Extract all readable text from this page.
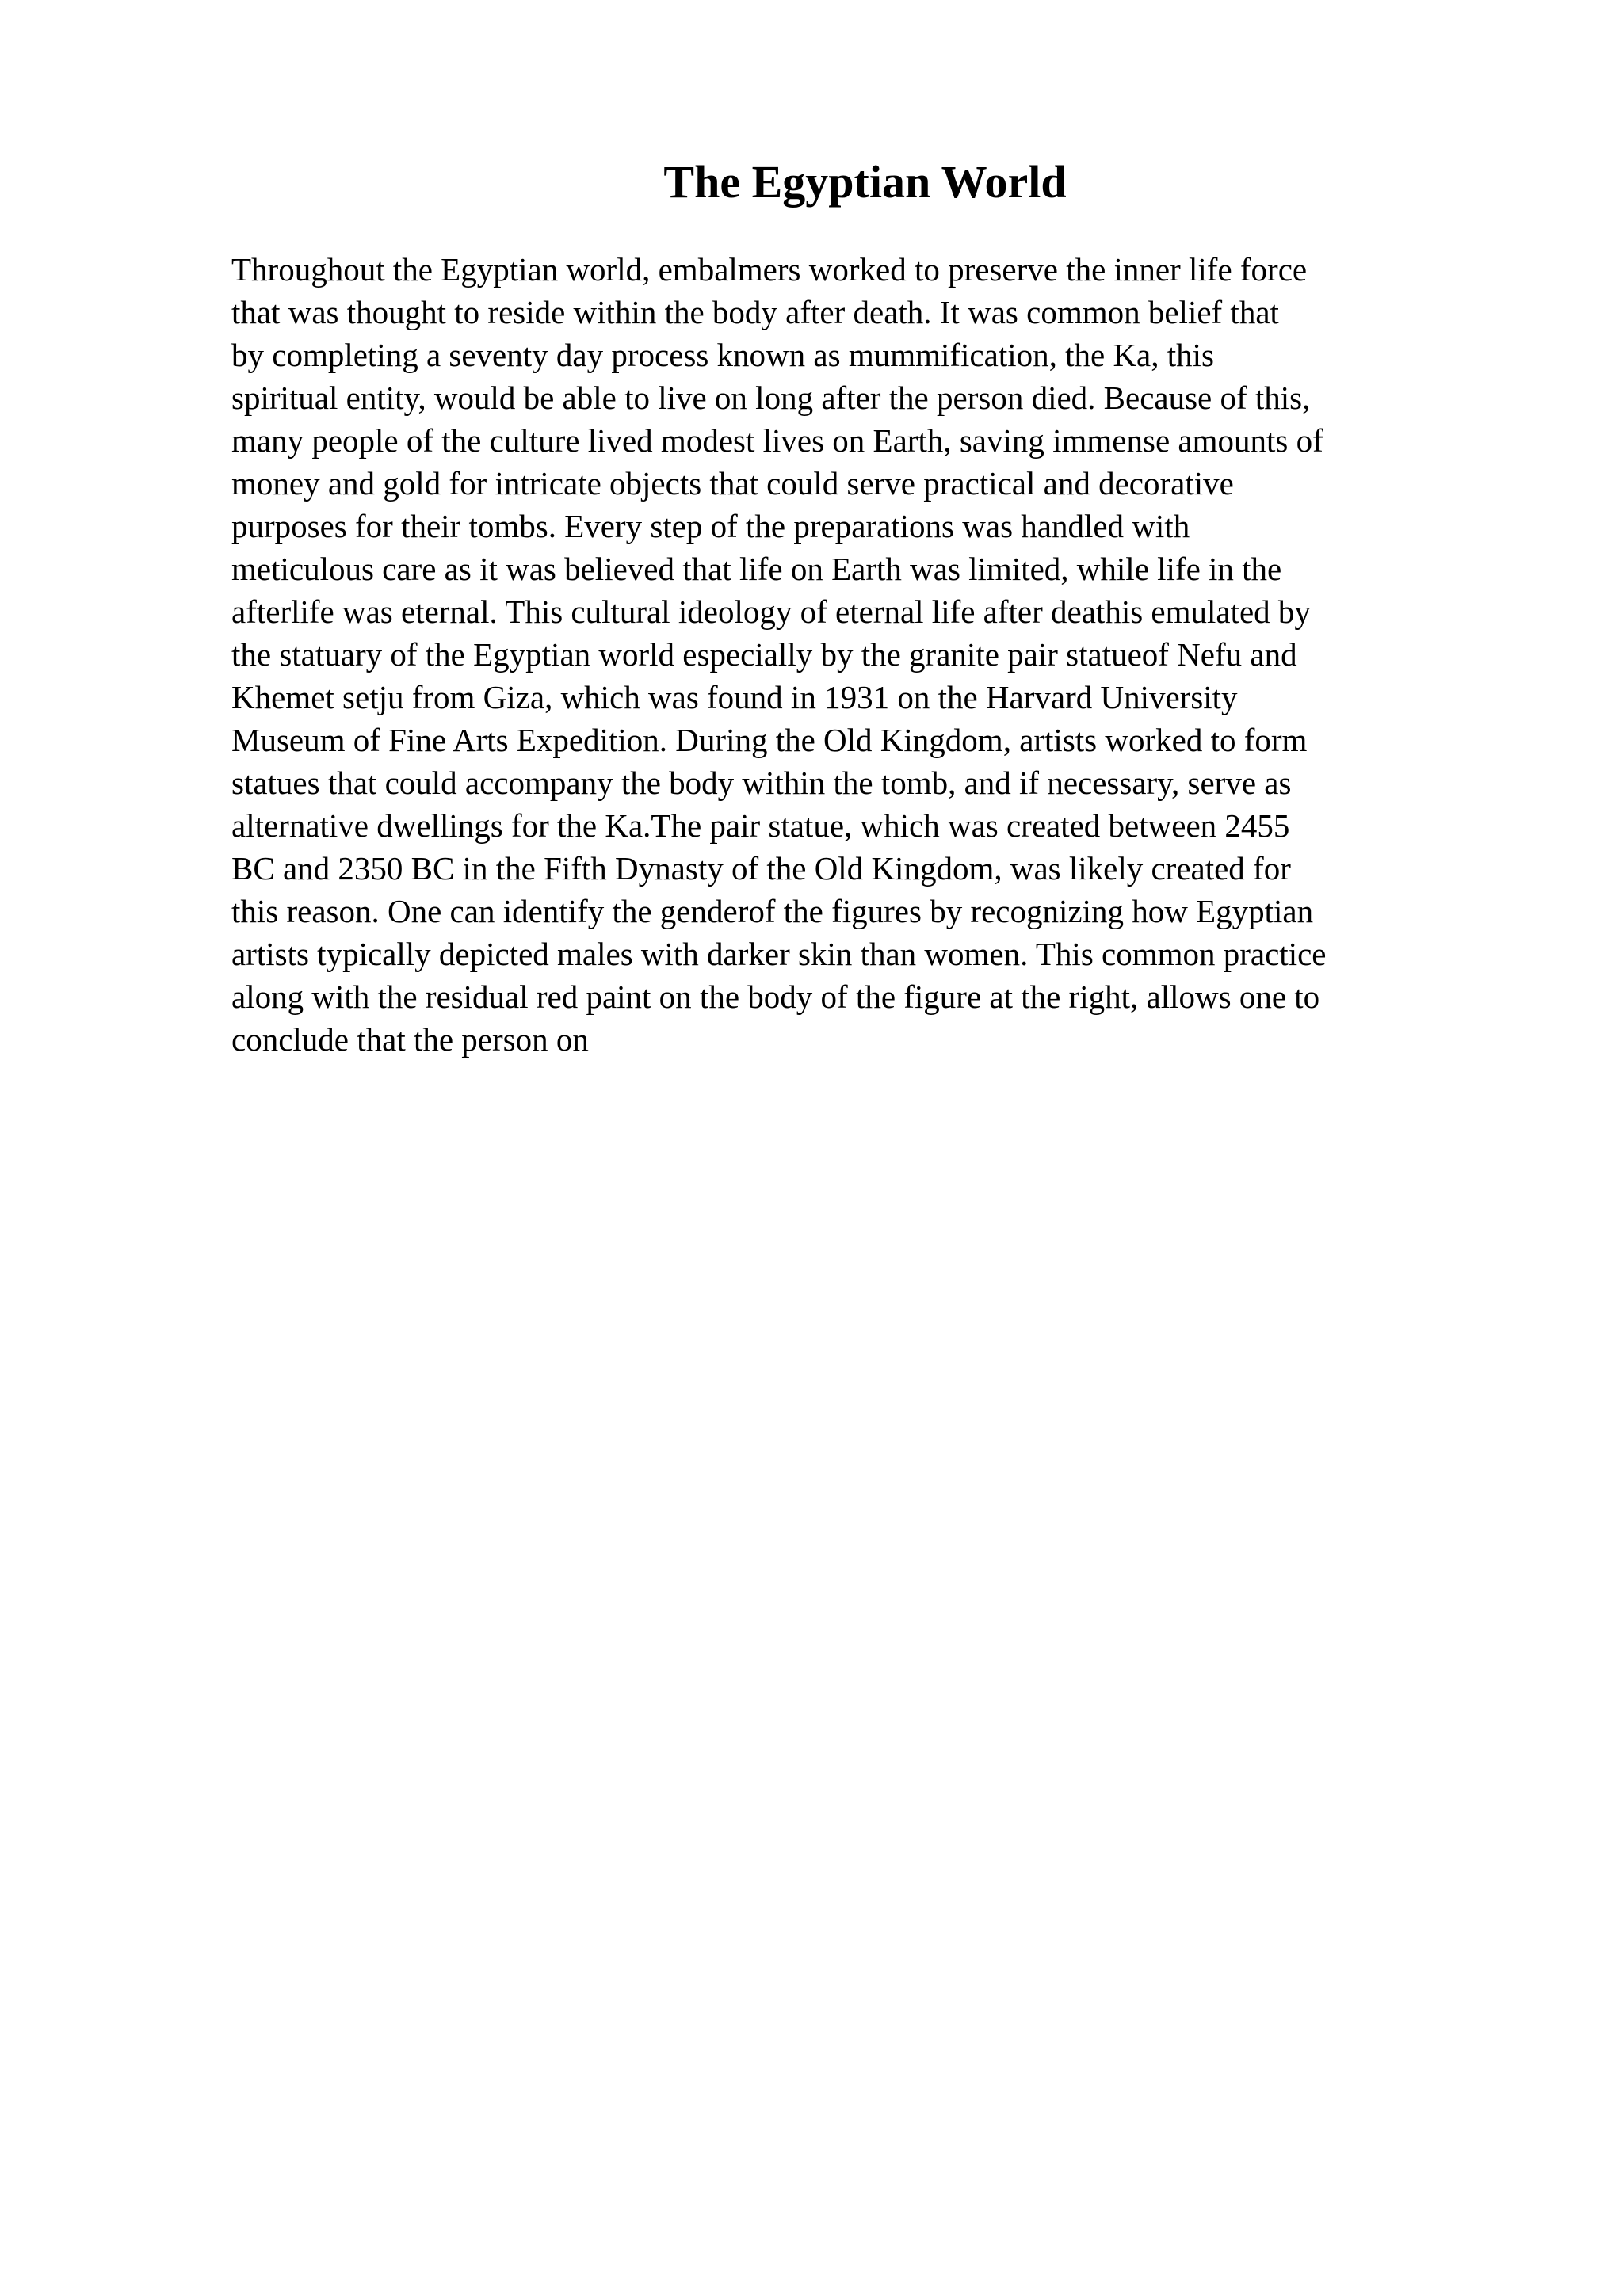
The Egyptian World
Throughout the Egyptian world, embalmers worked to preserve the inner life force
that was thought to reside within the body after death. It was common belief that
by completing a seventy day process known as mummification, the Ka, this
spiritual entity, would be able to live on long after the person died. Because of this,
many people of the culture lived modest lives on Earth, saving immense amounts of
money and gold for intricate objects that could serve practical and decorative
purposes for their tombs. Every step of the preparations was handled with
meticulous care as it was believed that life on Earth was limited, while life in the
afterlife was eternal. This cultural ideology of eternal life after deathis emulated by
the statuary of the Egyptian world especially by the granite pair statueof Nefu and
Khemet setju from Giza, which was found in 1931 on the Harvard University
Museum of Fine Arts Expedition. During the Old Kingdom, artists worked to form
statues that could accompany the body within the tomb, and if necessary, serve as
alternative dwellings for the Ka.The pair statue, which was created between 2455
BC and 2350 BC in the Fifth Dynasty of the Old Kingdom, was likely created for
this reason. One can identify the genderof the figures by recognizing how Egyptian
artists typically depicted males with darker skin than women. This common practice
along with the residual red paint on the body of the figure at the right, allows one to
conclude that the person on
